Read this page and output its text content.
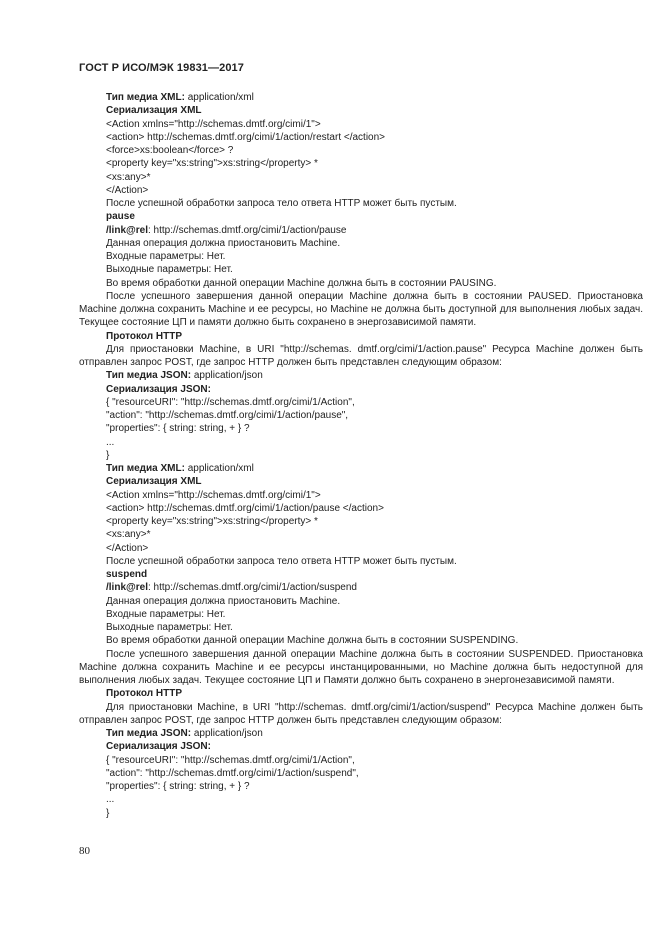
ГОСТ Р ИСО/МЭК 19831—2017
Тип медиа XML: application/xml
Сериализация XML
<Action xmlns="http://schemas.dmtf.org/cimi/1">
<action> http://schemas.dmtf.org/cimi/1/action/restart </action>
<force>xs:boolean</force> ?
<property key="xs:string">xs:string</property> *
<xs:any>*
</Action>
После успешной обработки запроса тело ответа HTTP может быть пустым.
pause
/link@rel: http://schemas.dmtf.org/cimi/1/action/pause
Данная операция должна приостановить Machine.
Входные параметры: Нет.
Выходные параметры: Нет.
Во время обработки данной операции Machine должна быть в состоянии PAUSING.
После успешного завершения данной операции Machine должна быть в состоянии PAUSED. Приостановка Machine должна сохранить Machine и ее ресурсы, но Machine не должна быть доступной для выполнения любых задач. Текущее состояние ЦП и памяти должно быть сохранено в энергозависимой памяти.
Протокол HTTP
Для приостановки Machine, в URI "http://schemas. dmtf.org/cimi/1/action.pause" Ресурса Machine должен быть отправлен запрос POST, где запрос HTTP должен быть представлен следующим образом:
Тип медиа JSON: application/json
Сериализация JSON:
{ "resourceURI": "http://schemas.dmtf.org/cimi/1/Action",
"action": "http://schemas.dmtf.org/cimi/1/action/pause",
"properties": { string: string, + } ?
...
}
Тип медиа XML: application/xml
Сериализация XML
<Action xmlns="http://schemas.dmtf.org/cimi/1">
<action> http://schemas.dmtf.org/cimi/1/action/pause </action>
<property key="xs:string">xs:string</property> *
<xs:any>*
</Action>
После успешной обработки запроса тело ответа HTTP может быть пустым.
suspend
/link@rel: http://schemas.dmtf.org/cimi/1/action/suspend
Данная операция должна приостановить Machine.
Входные параметры: Нет.
Выходные параметры: Нет.
Во время обработки данной операции Machine должна быть в состоянии SUSPENDING.
После успешного завершения данной операции Machine должна быть в состоянии SUSPENDED. Приостановка Machine должна сохранить Machine и ее ресурсы инстанцированными, но Machine должна быть недоступной для выполнения любых задач. Текущее состояние ЦП и Памяти должно быть сохранено в энергонезависимой памяти.
Протокол HTTP
Для приостановки Machine, в URI "http://schemas. dmtf.org/cimi/1/action/suspend" Ресурса Machine должен быть отправлен запрос POST, где запрос HTTP должен быть представлен следующим образом:
Тип медиа JSON: application/json
Сериализация JSON:
{ "resourceURI": "http://schemas.dmtf.org/cimi/1/Action",
"action": "http://schemas.dmtf.org/cimi/1/action/suspend",
"properties": { string: string, + } ?
...
}
80
